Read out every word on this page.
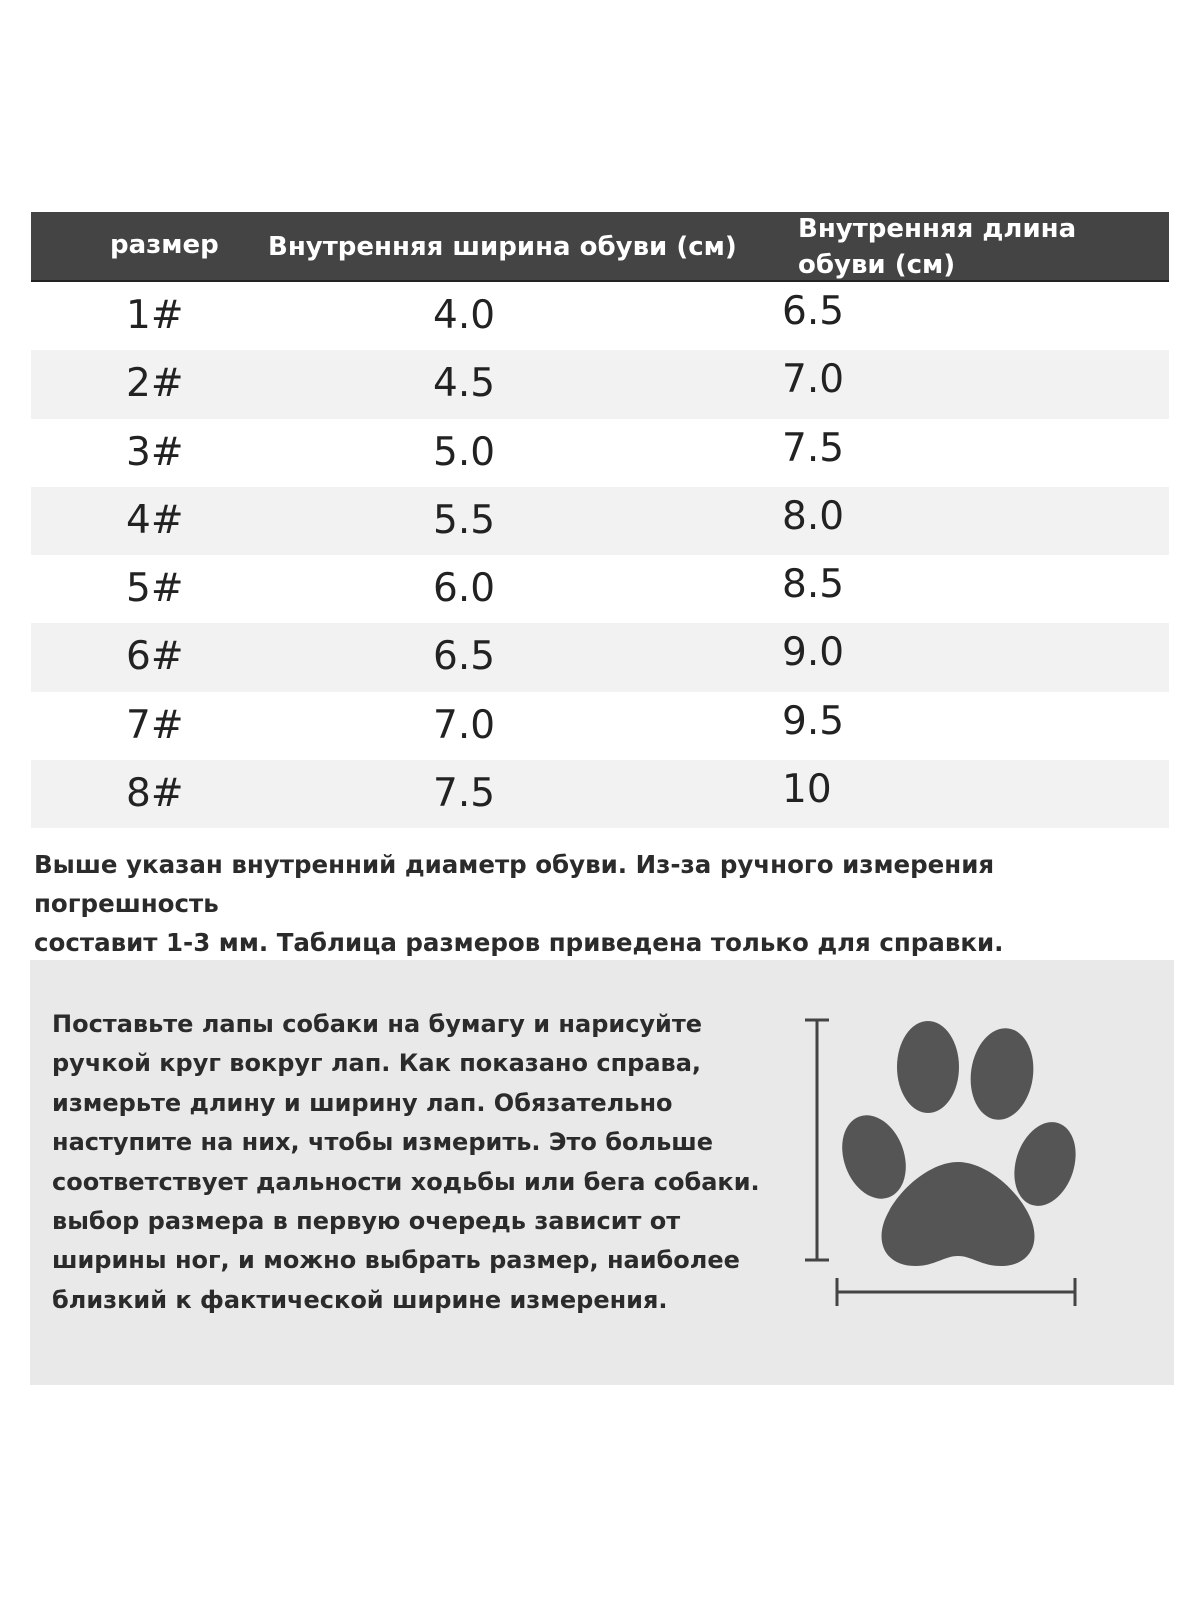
размер Внутренняя ширина обуви (см)
Внутренняя длина
обуви (см)
1#	4.0	6.5
2#	4.5	7.0
3#	5.0	7.5
4#	5.5	8.0
5#	6.0	8.5
6#	6.5	9.0
7#	7.0	9.5
8#	7.5	10
Выше указан внутренний диаметр обуви. Из-за ручного измерения погрешность
составит 1-3 мм. Таблица размеров приведена только для справки.
Поставьте лапы собаки на бумагу и нарисуйте
ручкой круг вокруг лап. Как показано справа,
измерьте длину и ширину лап. Обязательно
наступите на них, чтобы измерить. Это больше
соответствует дальности ходьбы или бега собаки.
выбор размера в первую очередь зависит от
ширины ног, и можно выбрать размер, наиболее
близкий к фактической ширине измерения.
